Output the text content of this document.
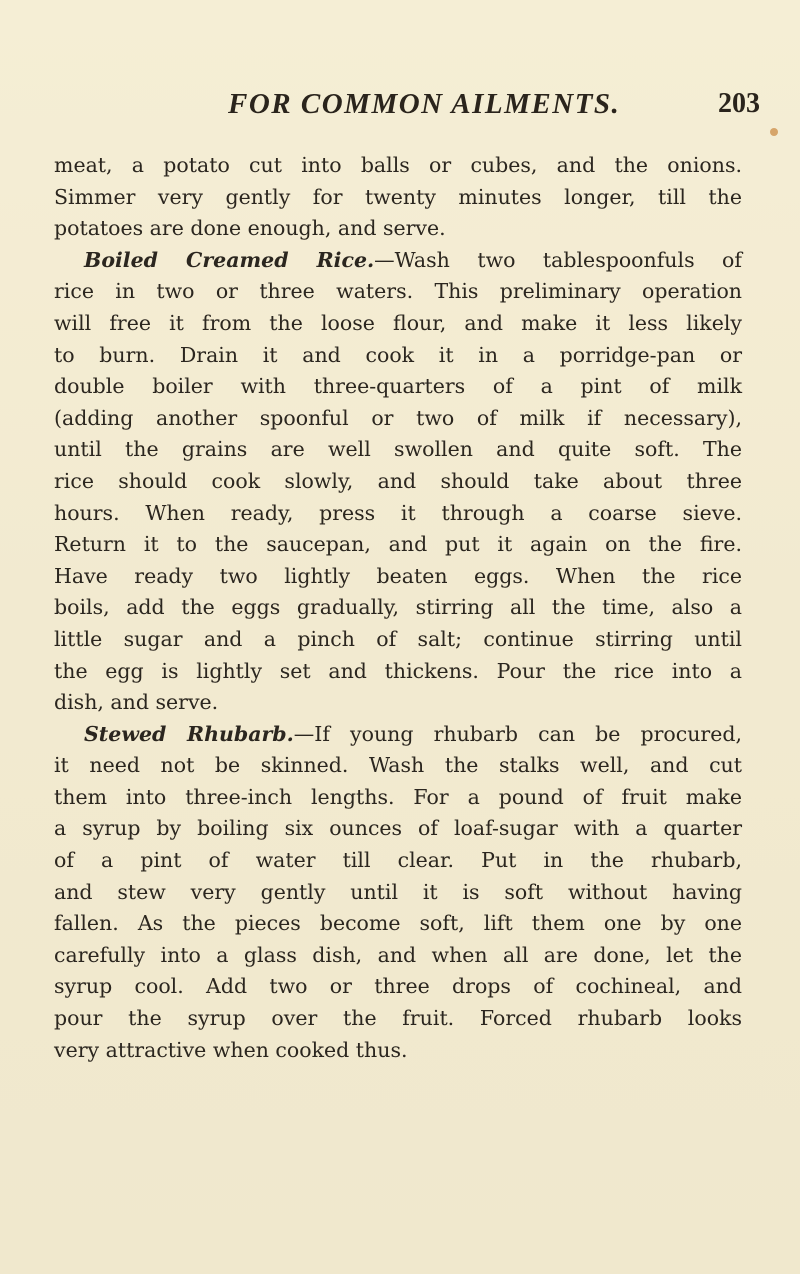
FOR COMMON AILMENTS.	203

meat, a potato cut into balls or cubes, and the onions.
Simmer very gently for twenty minutes longer, till the
potatoes are done enough, and serve.

Boiled Creamed Rice.—Wash two tablespoonfuls of
rice in two or three waters. This preliminary operation
will free it from the loose flour, and make it less likely
to burn. Drain it and cook it in a porridge-pan or
double boiler with three-quarters of a pint of milk
(adding another spoonful or two of milk if necessary),
until the grains are well swollen and quite soft. The
rice should cook slowly, and should take about three
hours. When ready, press it through a coarse sieve.
Return it to the saucepan, and put it again on the fire.
Have ready two lightly beaten eggs. When the rice
boils, add the eggs gradually, stirring all the time, also a
little sugar and a pinch of salt; continue stirring until
the egg is lightly set and thickens. Pour the rice into a
dish, and serve.

Stewed Rhubarb.—If young rhubarb can be procured,
it need not be skinned. Wash the stalks well, and cut
them into three-inch lengths. For a pound of fruit make
a syrup by boiling six ounces of loaf-sugar with a quarter
of a pint of water till clear. Put in the rhubarb,
and stew very gently until it is soft without having
fallen. As the pieces become soft, lift them one by one
carefully into a glass dish, and when all are done, let the
syrup cool. Add two or three drops of cochineal, and
pour the syrup over the fruit. Forced rhubarb looks
very attractive when cooked thus.
